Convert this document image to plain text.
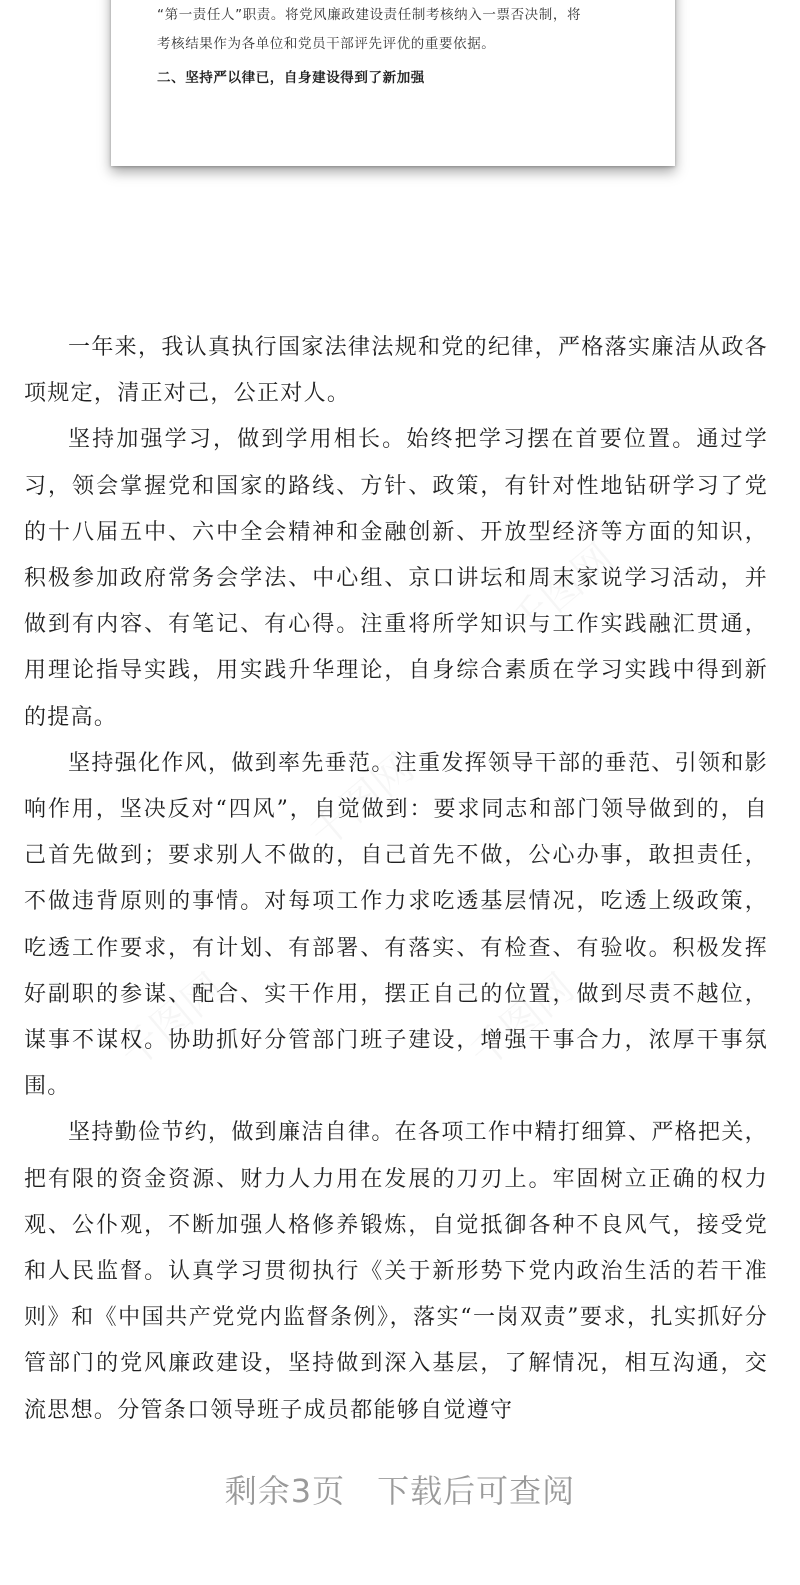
“第一责任人”职责。将党风廉政建设责任制考核纳入一票否决制，将
考核结果作为各单位和党员干部评先评优的重要依据。
二、坚持严以律已，自身建设得到了新加强

一年来，我认真执行国家法律法规和党的纪律，严格落实廉洁从政各项规定，清正对己，公正对人。

坚持加强学习，做到学用相长。始终把学习摆在首要位置。通过学习，领会掌握党和国家的路线、方针、政策，有针对性地钻研学习了党的十八届五中、六中全会精神和金融创新、开放型经济等方面的知识，积极参加政府常务会学法、中心组、京口讲坛和周末家说学习活动，并做到有内容、有笔记、有心得。注重将所学知识与工作实践融汇贯通，用理论指导实践，用实践升华理论，自身综合素质在学习实践中得到新的提高。

坚持强化作风，做到率先垂范。注重发挥领导干部的垂范、引领和影响作用，坚决反对“四风”，自觉做到：要求同志和部门领导做到的，自己首先做到；要求别人不做的，自己首先不做，公心办事，敢担责任，不做违背原则的事情。对每项工作力求吃透基层情况，吃透上级政策，吃透工作要求，有计划、有部署、有落实、有检查、有验收。积极发挥好副职的参谋、配合、实干作用，摆正自己的位置，做到尽责不越位，谋事不谋权。协助抓好分管部门班子建设，增强干事合力，浓厚干事氛围。

坚持勤俭节约，做到廉洁自律。在各项工作中精打细算、严格把关，把有限的资金资源、财力人力用在发展的刀刃上。牢固树立正确的权力观、公仆观，不断加强人格修养锻炼，自觉抵御各种不良风气，接受党和人民监督。认真学习贯彻执行《关于新形势下党内政治生活的若干准则》和《中国共产党党内监督条例》，落实“一岗双责”要求，扎实抓好分管部门的党风廉政建设，坚持做到深入基层，了解情况，相互沟通，交流思想。分管条口领导班子成员都能够自觉遵守

剩余3页 下载后可查阅
